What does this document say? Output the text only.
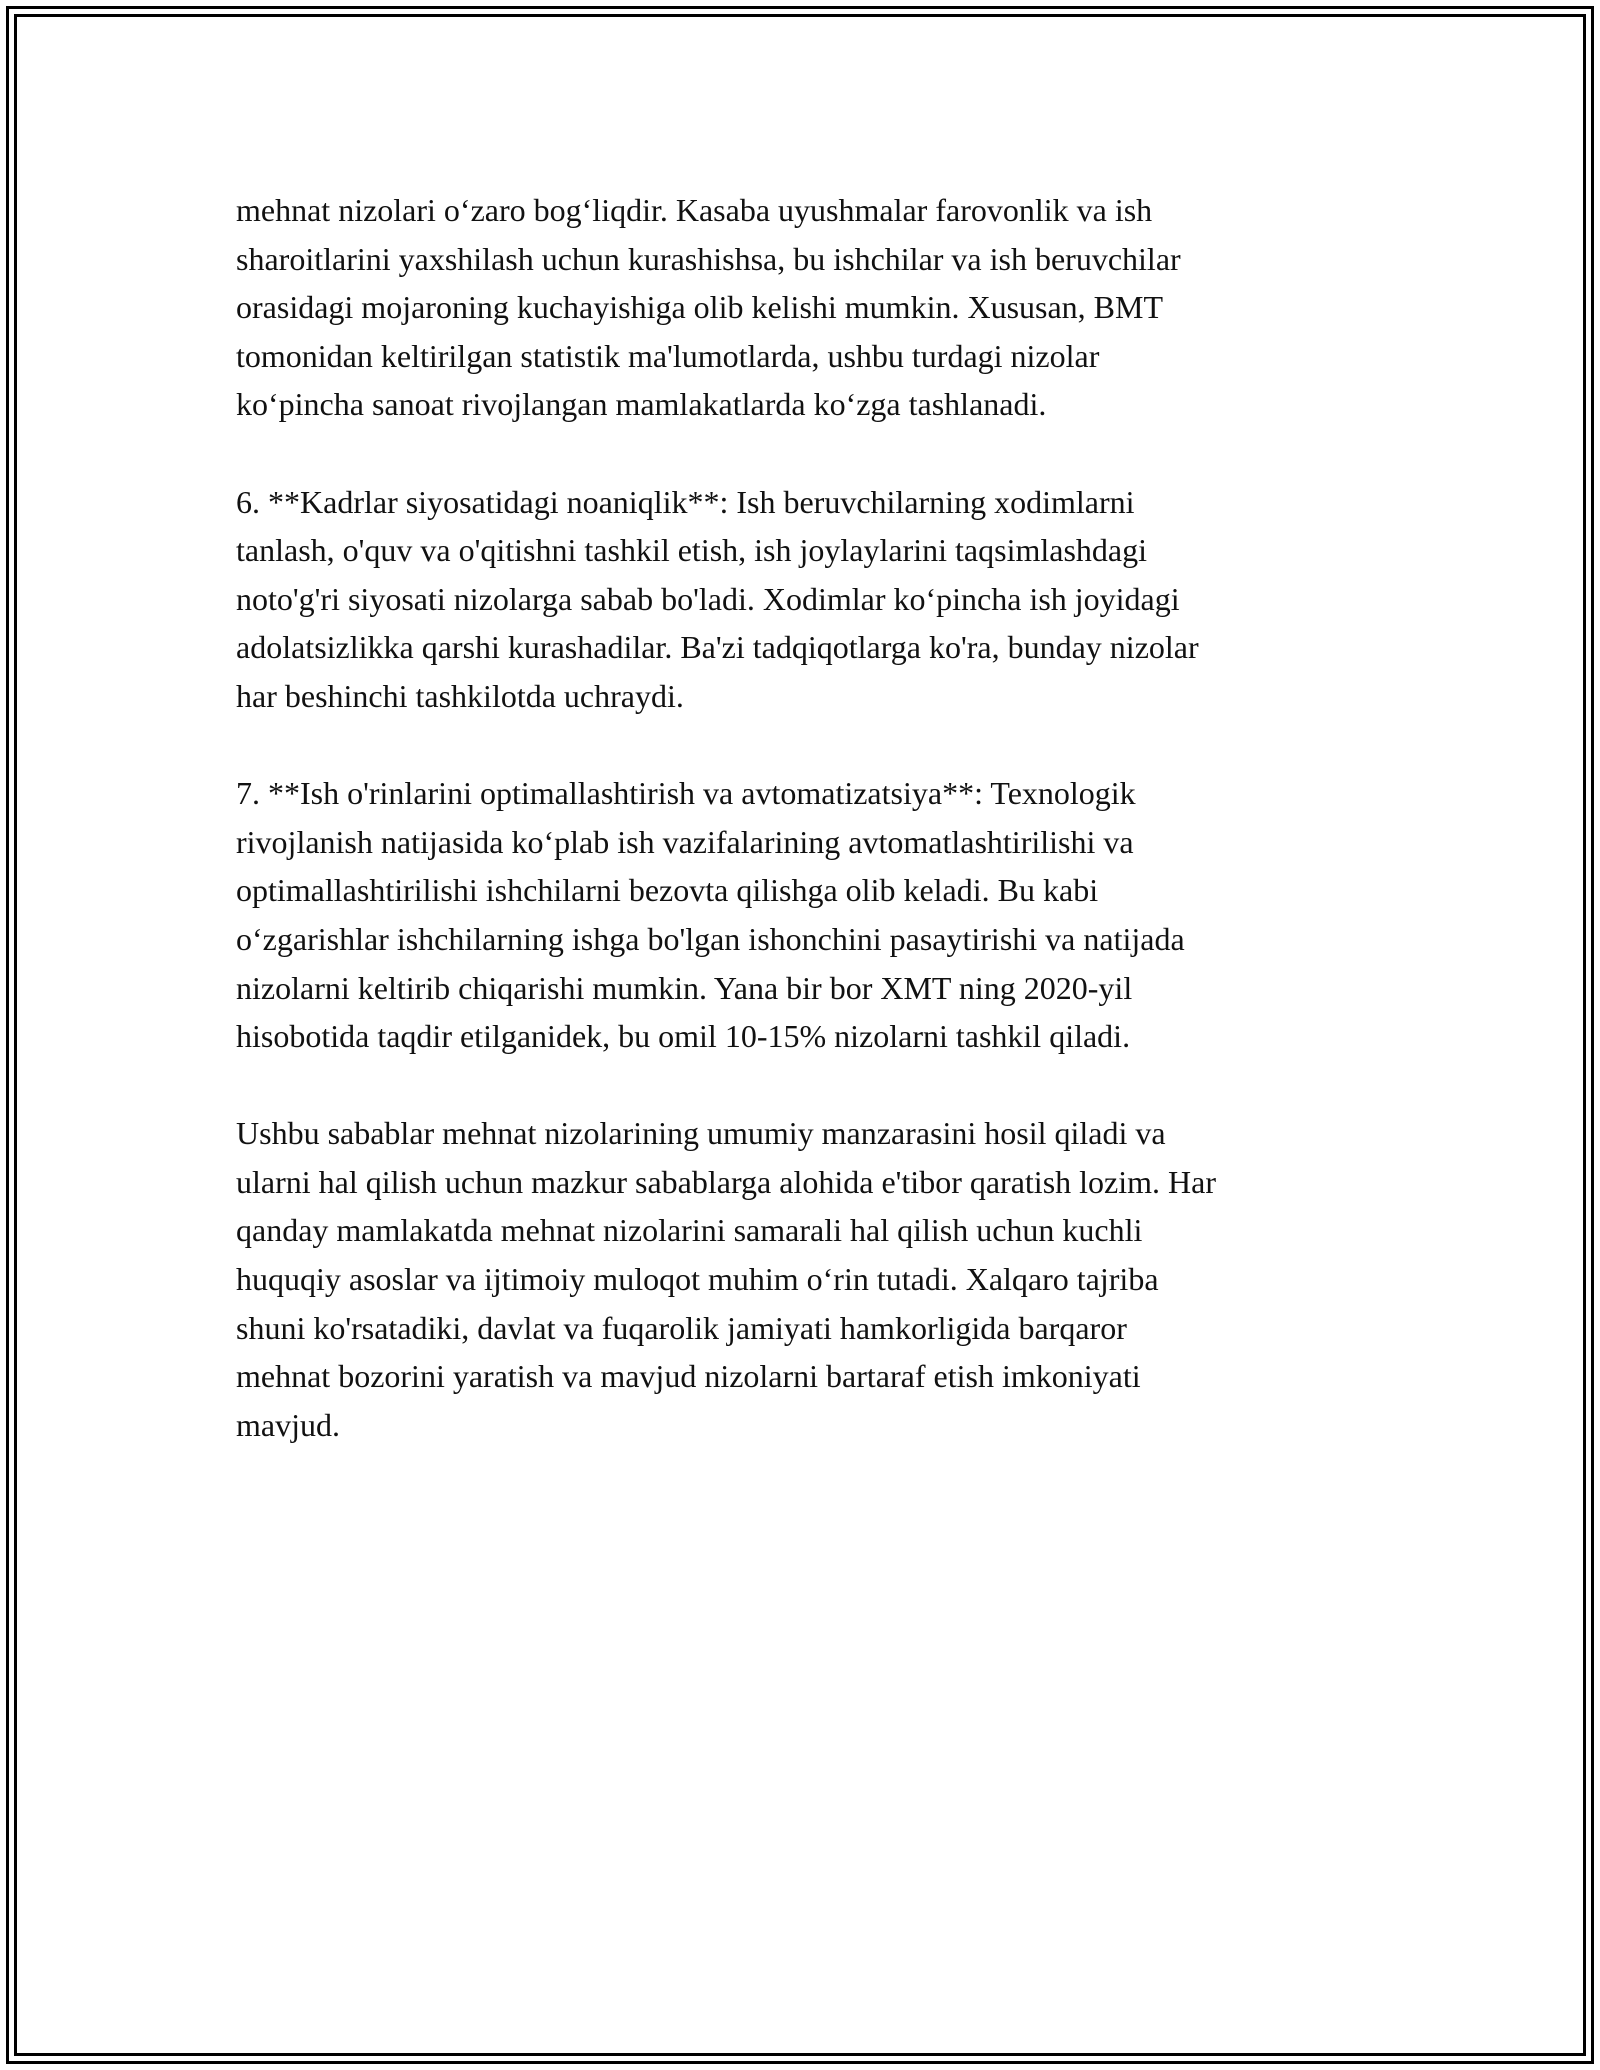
mehnat nizolari o‘zaro bog‘liqdir. Kasaba uyushmalar farovonlik va ish
sharoitlarini yaxshilash uchun kurashishsa, bu ishchilar va ish beruvchilar
orasidagi mojaroning kuchayishiga olib kelishi mumkin. Xususan, BMT
tomonidan keltirilgan statistik ma'lumotlarda, ushbu turdagi nizolar
ko‘pincha sanoat rivojlangan mamlakatlarda ko‘zga tashlanadi.

6. **Kadrlar siyosatidagi noaniqlik**: Ish beruvchilarning xodimlarni
tanlash, o'quv va o'qitishni tashkil etish, ish joylaylarini taqsimlashdagi
noto'g'ri siyosati nizolarga sabab bo'ladi. Xodimlar ko‘pincha ish joyidagi
adolatsizlikka qarshi kurashadilar. Ba'zi tadqiqotlarga ko'ra, bunday nizolar
har beshinchi tashkilotda uchraydi.

7. **Ish o'rinlarini optimallashtirish va avtomatizatsiya**: Texnologik
rivojlanish natijasida ko‘plab ish vazifalarining avtomatlashtirilishi va
optimallashtirilishi ishchilarni bezovta qilishga olib keladi. Bu kabi
o‘zgarishlar ishchilarning ishga bo'lgan ishonchini pasaytirishi va natijada
nizolarni keltirib chiqarishi mumkin. Yana bir bor XMT ning 2020-yil
hisobotida taqdir etilganidek, bu omil 10-15% nizolarni tashkil qiladi.

Ushbu sabablar mehnat nizolarining umumiy manzarasini hosil qiladi va
ularni hal qilish uchun mazkur sabablarga alohida e'tibor qaratish lozim. Har
qanday mamlakatda mehnat nizolarini samarali hal qilish uchun kuchli
huquqiy asoslar va ijtimoiy muloqot muhim o‘rin tutadi. Xalqaro tajriba
shuni ko'rsatadiki, davlat va fuqarolik jamiyati hamkorligida barqaror
mehnat bozorini yaratish va mavjud nizolarni bartaraf etish imkoniyati
mavjud.
